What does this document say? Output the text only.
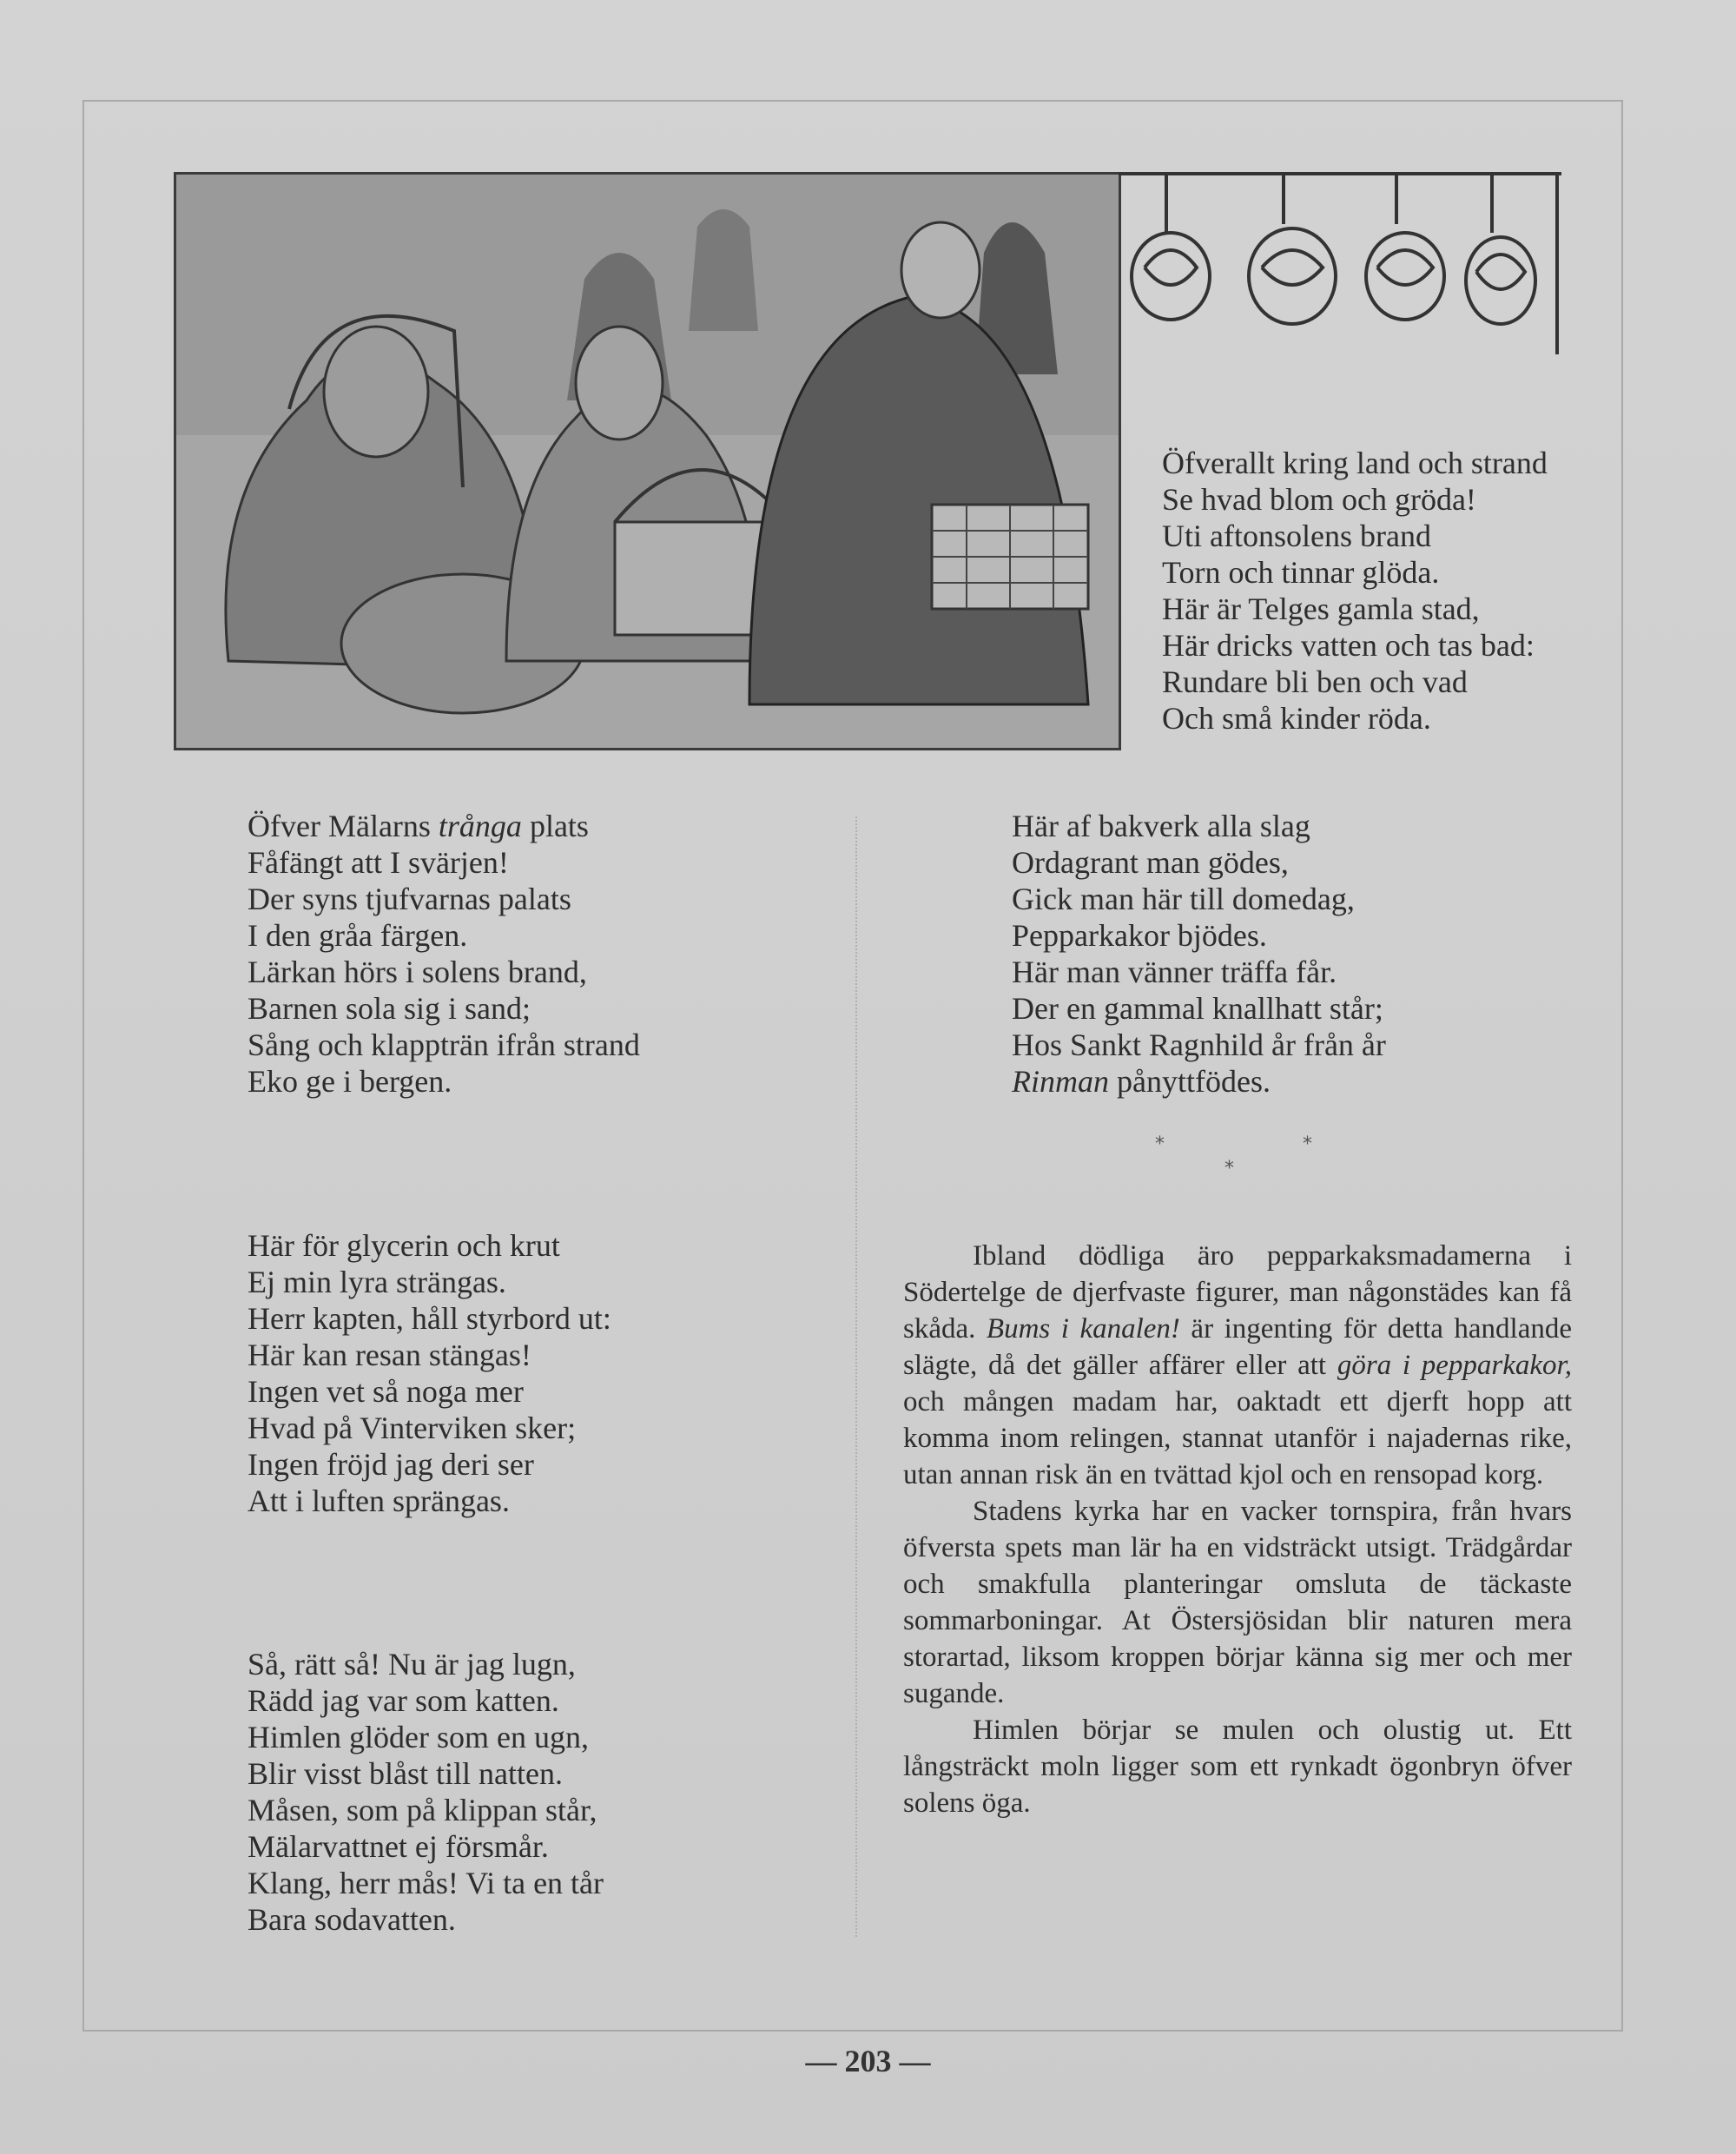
Öfverallt kring land och strand
Se hvad blom och gröda!
Uti aftonsolens brand
Torn och tinnar glöda.
Här är Telges gamla stad,
Här dricks vatten och tas bad:
Rundare bli ben och vad
Och små kinder röda.
Öfver Mälarns trånga plats
Fåfängt att I svärjen!
Der syns tjufvarnas palats
I den gråa färgen.
Lärkan hörs i solens brand,
Barnen sola sig i sand;
Sång och klappträn ifrån strand
Eko ge i bergen.
Här af bakverk alla slag
Ordagrant man gödes,
Gick man här till domedag,
Pepparkakor bjödes.
Här man vänner träffa får.
Der en gammal knallhatt står;
Hos Sankt Ragnhild år från år
Rinman pånyttfödes.
*
*
*
Här för glycerin och krut
Ej min lyra strängas.
Herr kapten, håll styrbord ut:
Här kan resan stängas!
Ingen vet så noga mer
Hvad på Vinterviken sker;
Ingen fröjd jag deri ser
Att i luften sprängas.
Så, rätt så! Nu är jag lugn,
Rädd jag var som katten.
Himlen glöder som en ugn,
Blir visst blåst till natten.
Måsen, som på klippan står,
Mälarvattnet ej försmår.
Klang, herr mås! Vi ta en tår
Bara sodavatten.

Ibland dödliga äro pepparkaksmadamerna i Södertelge de djerfvaste figurer, man någonstädes kan få skåda. Bums i kanalen! är ingenting för detta handlande slägte, då det gäller affärer eller att göra i pepparkakor, och mången madam har, oaktadt ett djerft hopp att komma inom relingen, stannat utanför i najadernas rike, utan annan risk än en tvättad kjol och en rensopad korg.

Stadens kyrka har en vacker tornspira, från hvars öfversta spets man lär ha en vidsträckt utsigt. Trädgårdar och smakfulla planteringar omsluta de täckaste sommarboningar. At Östersjösidan blir naturen mera storartad, liksom kroppen börjar känna sig mer och mer sugande.

Himlen börjar se mulen och olustig ut. Ett långsträckt moln ligger som ett rynkadt ögonbryn öfver solens öga.

— 203 —
